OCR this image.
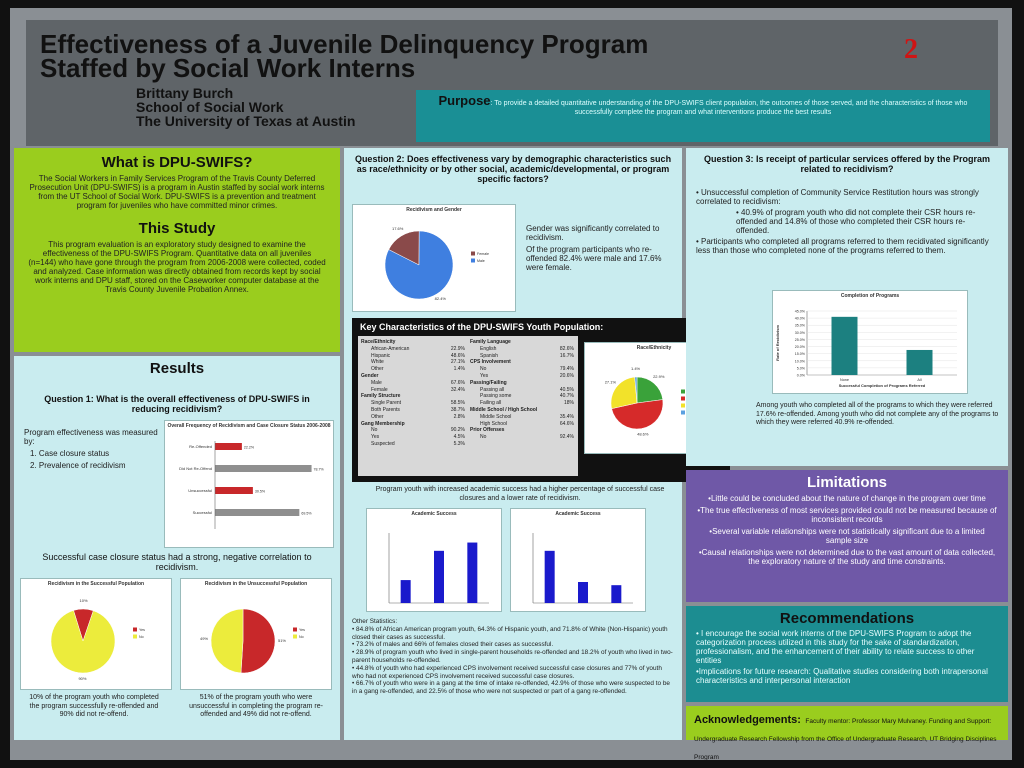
Effectiveness of a Juvenile Delinquency Program
Staffed by Social Work Interns
Brittany Burch
School of Social Work
The University of Texas at Austin
2
Purpose: To provide a detailed quantitative understanding of the DPU-SWIFS client population, the outcomes of those served, and the characteristics of those who successfully complete the program and what interventions produce the best results
What is DPU-SWIFS?
The Social Workers in Family Services Program of the Travis County Deferred Prosecution Unit (DPU-SWIFS) is a program in Austin staffed by social work interns from the UT School of Social Work. DPU-SWIFS is a prevention and treatment program for juveniles who have committed minor crimes.
This Study
This program evaluation is an exploratory study designed to examine the effectiveness of the DPU-SWIFS Program. Quantitative data on all juveniles (n=144) who have gone through the program from 2006-2008 were collected, coded and analyzed. Case information was directly obtained from records kept by social work interns and DPU staff, stored on the Caseworker computer database at the Travis County Juvenile Probation Annex.
Results
Question 1: What is the overall effectiveness of DPU-SWIFS in reducing recidivism?
Program effectiveness was measured by:
1. Case closure status
2. Prevalence of recidivism
Overall Frequency of Recidivism and Case Closure Status 2006-2008
Re-Offended	22.2%
Did Not Re-Offend	78.7%
Unsuccessful	30.5%
Successful	69.5%
Successful case closure status had a strong, negative correlation to recidivism.
Recidivism in the Successful Population
10%
90%
Yes
No
Recidivism in the Unsuccessful Population
51%
49%
Yes
No
10% of the program youth who completed the program successfully re-offended and 90% did not re-offend.
51% of the program youth who were unsuccessful in completing the program re-offended and 49% did not re-offend.
Question 2: Does effectiveness vary by demographic characteristics such as race/ethnicity or by other social, academic/developmental, or program specific factors?
Recidivism and Gender
17.6%
82.4%
Female
Male
Gender was significantly correlated to recidivism.
Of the program participants who re-offended 82.4% were male and 17.6% were female.
Key Characteristics of the DPU-SWIFS Youth Population:
Race/Ethnicity
African-American	22.9%
Hispanic	48.6%
White	27.1%
Other	1.4%
Gender
Male	67.6%
Female	32.4%
Family Structure
Single Parent	58.5%
Both Parents	38.7%
Other	2.8%
Gang Membership
No	90.2%
Yes	4.5%
Suspected	5.3%
Family Language
English	82.6%
Spanish	16.7%
CPS Involvement
No	79.4%
Yes	20.6%
Passing/Failing
Passing all	40.5%
Passing some	40.7%
Failing all	18%
Middle School / High School
Middle School	35.4%
High School	64.6%
Prior Offenses
No	92.4%
Race/Ethnicity
22.9%
48.6%
27.1%
1.4%
Program youth with increased academic success had a higher percentage of successful case closures and a lower rate of recidivism.
Academic Success	Academic Success
Other Statistics:
• 84.8% of African American program youth, 64.3% of Hispanic youth, and 71.8% of White (Non-Hispanic) youth closed their cases as successful.
• 73.2% of males and 66% of females closed their cases as successful.
• 28.9% of program youth who lived in single-parent households re-offended and 18.2% of youth who lived in two-parent households re-offended.
• 44.8% of youth who had experienced CPS involvement received successful case closures and 77% of youth who had not experienced CPS involvement received successful case closures.
• 66.7% of youth who were in a gang at the time of intake re-offended, 42.9% of those who were suspected to be in a gang re-offended, and 22.5% of those who were not suspected or part of a gang re-offended.
Question 3: Is receipt of particular services offered by the Program related to recidivism?
• Unsuccessful completion of Community Service Restitution hours was strongly correlated to recidivism:
• 40.9% of program youth who did not complete their CSR hours re-offended and 14.8% of those who completed their CSR hours re-offended.
• Participants who completed all programs referred to them recidivated significantly less than those who completed none of the programs referred to them.
Completion of Programs
0.0%
5.0%
10.0%
15.0%
20.0%
25.0%
30.0%
35.0%
40.0%
45.0%
None	All
Successful Completion of Programs Referred
Rate of Recidivism
Among youth who completed all of the programs to which they were referred 17.6% re-offended. Among youth who did not complete any of the programs to which they were referred 40.9% re-offended.
Limitations
•Little could be concluded about the nature of change in the program over time
•The true effectiveness of most services provided could not be measured because of inconsistent records
•Several variable relationships were not statistically significant due to a limited sample size
•Causal relationships were not determined due to the vast amount of data collected, the exploratory nature of the study and time constraints.
Recommendations
• I encourage the social work interns of the DPU-SWIFS Program to adopt the categorization process utilized in this study for the sake of standardization, professionalism, and the enhancement of their ability to relate success to other entities
•Implications for future research: Qualitative studies considering both intrapersonal characteristics and interpersonal interaction
Acknowledgements: Faculty mentor: Professor Mary Mulvaney. Funding and Support: Undergraduate Research Fellowship from the Office of Undergraduate Research, UT Bridging Disciplines Program
